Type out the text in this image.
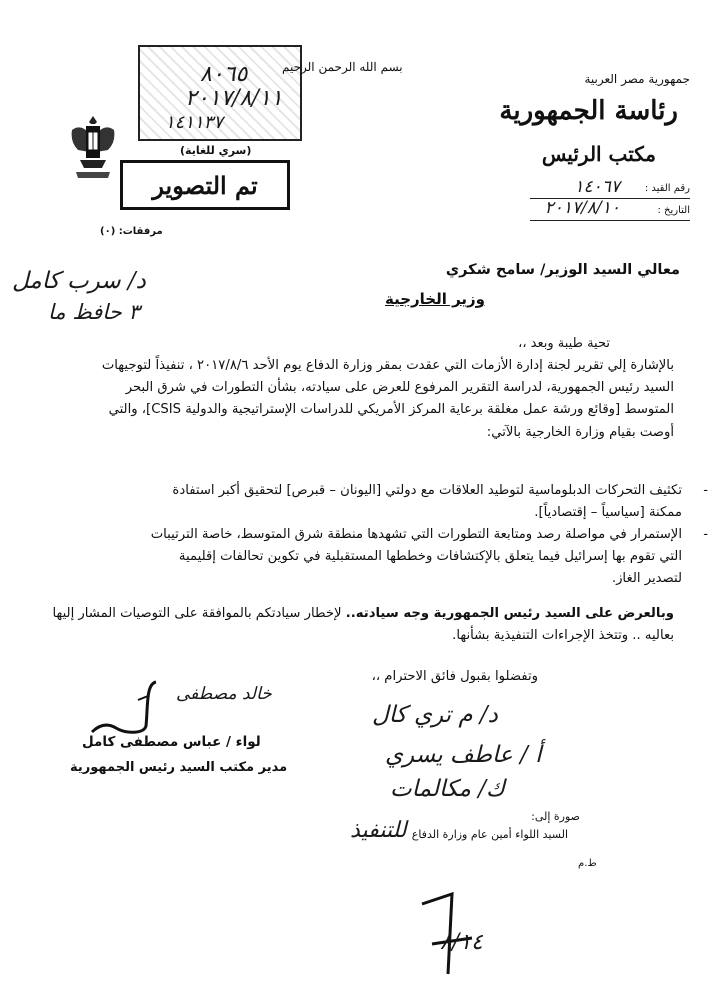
جمهورية مصر العربية
رئاسة الجمهورية
مكتب الرئيس
رقم القيد :
١٤٠٦٧
التاريخ :
٢٠١٧/٨/١٠
٨٠٦٥
٢٠١٧/٨/١١
١٤١١٣٧
بسم الله الرحمن الرحيم
(سري للغاية)
تم التصوير
مرفقات: (٠)
د/ سرب كامل
٣ حافظ ما
معالي السيد الوزير/ سامح شكري
وزير الخارجية
تحية طيبة وبعد ،،
بالإشارة إلي تقرير لجنة إدارة الأزمات التي عقدت بمقر وزارة الدفاع يوم الأحد ٢٠١٧/٨/٦ ، تنفيذاً لتوجيهات السيد رئيس الجمهورية، لدراسة التقرير المرفوع للعرض على سيادته، بشأن التطورات في شرق البحر المتوسط [وقائع ورشة عمل مغلقة برعاية المركز الأمريكي للدراسات الإستراتيجية والدولية CSIS]، والتي أوصت بقيام وزارة الخارجية بالآتي:
-
تكثيف التحركات الدبلوماسية لتوطيد العلاقات مع دولتي [اليونان – قبرص] لتحقيق أكبر استفادة ممكنة [سياسياً – إقتصادياً].
-
الإستمرار في مواصلة رصد ومتابعة التطورات التي تشهدها منطقة شرق المتوسط، خاصة الترتيبات التي تقوم بها إسرائيل فيما يتعلق بالإكتشافات وخططها المستقبلية في تكوين تحالفات إقليمية لتصدير الغاز.
وبالعرض على السيد رئيس الجمهورية وجه سيادته.. لإخطار سيادتكم بالموافقة على التوصيات المشار إليها بعاليه .. وتتخذ الإجراءات التنفيذية بشأنها.
وتفضلوا بقبول فائق الاحترام ،،
خالد مصطفى
لواء / عباس مصطفى كامل
مدير مكتب السيد رئيس الجمهورية
د/ م تري كال
أ / عاطف يسري
ك/ مكالمات
صورة إلى:
السيد اللواء أمين عام وزارة الدفاع
ط.م
للتنفيذ
٨/١٤
